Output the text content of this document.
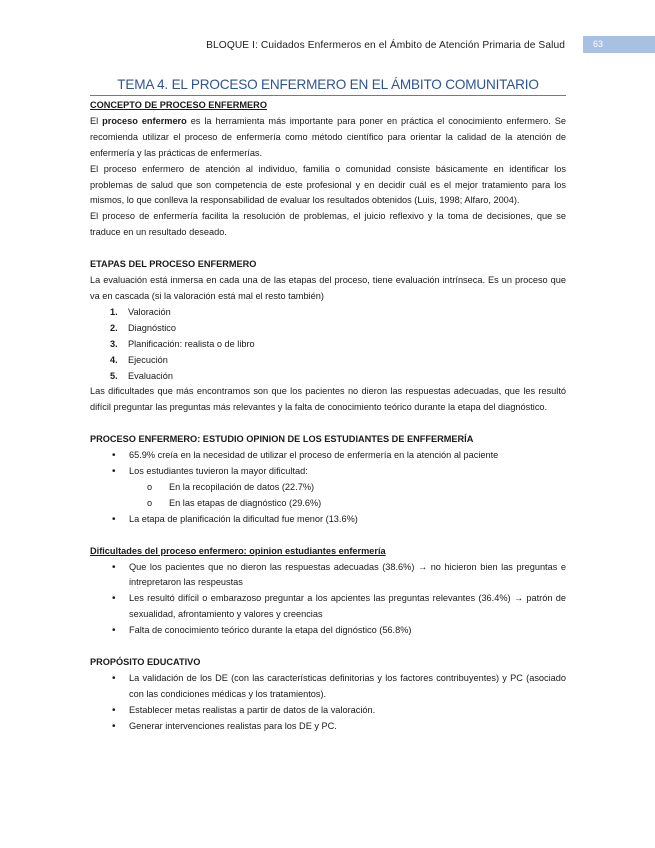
BLOQUE I: Cuidados Enfermeros en el Ámbito de Atención Primaria de Salud	63
TEMA 4. EL PROCESO ENFERMERO EN EL ÁMBITO COMUNITARIO

CONCEPTO DE PROCESO ENFERMERO

El proceso enfermero es la herramienta más importante para poner en práctica el conocimiento enfermero. Se recomienda utilizar el proceso de enfermería como método científico para orientar la calidad de la atención de enfermería y las prácticas de enfermerías.

El proceso enfermero de atención al individuo, familia o comunidad consiste básicamente en identificar los problemas de salud que son competencia de este profesional y en decidir cuál es el mejor tratamiento para los mismos, lo que conlleva la responsabilidad de evaluar los resultados obtenidos (Luis, 1998; Alfaro, 2004).

El proceso de enfermería facilita la resolución de problemas, el juicio reflexivo y la toma de decisiones, que se traduce en un resultado deseado.

ETAPAS DEL PROCESO ENFERMERO

La evaluación está inmersa en cada una de las etapas del proceso, tiene evaluación intrínseca. Es un proceso que va en cascada (si la valoración está mal el resto también)

1. Valoración
2. Diagnóstico
3. Planificación: realista o de libro
4. Ejecución
5. Evaluación

Las dificultades que más encontramos son que los pacientes no dieron las respuestas adecuadas, que les resultó difícil preguntar las preguntas más relevantes y la falta de conocimiento teórico durante la etapa del diagnóstico.

PROCESO ENFERMERO: ESTUDIO OPINION DE LOS ESTUDIANTES DE ENFFERMERÍA

• 65.9% creía en la necesidad de utilizar el proceso de enfermería en la atención al paciente
• Los estudiantes tuvieron la mayor dificultad:
o En la recopilación de datos (22.7%)
o En las etapas de diagnóstico (29.6%)
• La etapa de planificación la dificultad fue menor (13.6%)

Dificultades del proceso enfermero: opinion estudiantes enfermería

• Que los pacientes que no dieron las respuestas adecuadas (38.6%) → no hicieron bien las preguntas e intrepretaron las respeustas
• Les resultó difícil o embarazoso preguntar a los apcientes las preguntas relevantes (36.4%) → patrón de sexualidad, afrontamiento y valores y creencias
• Falta de conocimiento teórico durante la etapa del dignóstico (56.8%)

PROPÓSITO EDUCATIVO

• La validación de los DE (con las características definitorias y los factores contribuyentes) y PC (asociado con las condiciones médicas y los tratamientos).
• Establecer metas realistas a partir de datos de la valoración.
• Generar intervenciones realistas para los DE y PC.
